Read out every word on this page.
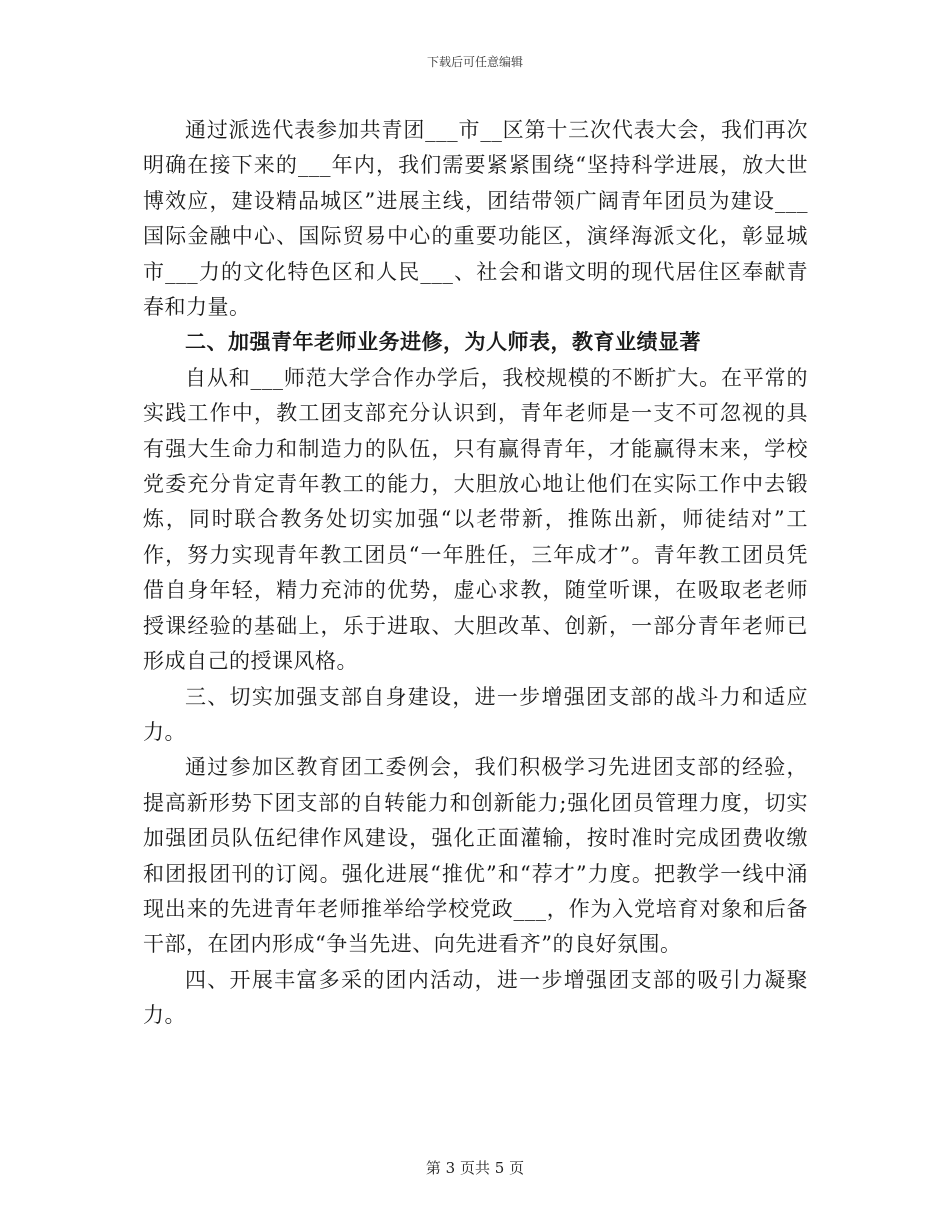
下载后可任意编辑

通过派选代表参加共青团___市__区第十三次代表大会，我们再次明确在接下来的___年内，我们需要紧紧围绕“坚持科学进展，放大世博效应，建设精品城区”进展主线，团结带领广阔青年团员为建设___国际金融中心、国际贸易中心的重要功能区，演绎海派文化，彰显城市___力的文化特色区和人民___、社会和谐文明的现代居住区奉献青春和力量。

二、加强青年老师业务进修，为人师表，教育业绩显著

自从和___师范大学合作办学后，我校规模的不断扩大。在平常的实践工作中，教工团支部充分认识到，青年老师是一支不可忽视的具有强大生命力和制造力的队伍，只有赢得青年，才能赢得末来，学校党委充分肯定青年教工的能力，大胆放心地让他们在实际工作中去锻炼，同时联合教务处切实加强“以老带新，推陈出新，师徒结对”工作，努力实现青年教工团员“一年胜任，三年成才”。青年教工团员凭借自身年轻，精力充沛的优势，虚心求教，随堂听课，在吸取老老师授课经验的基础上，乐于进取、大胆改革、创新，一部分青年老师已形成自己的授课风格。

三、切实加强支部自身建设，进一步增强团支部的战斗力和适应力。

通过参加区教育团工委例会，我们积极学习先进团支部的经验，提高新形势下团支部的自转能力和创新能力;强化团员管理力度，切实加强团员队伍纪律作风建设，强化正面灌输，按时准时完成团费收缴和团报团刊的订阅。强化进展“推优”和“荐才”力度。把教学一线中涌现出来的先进青年老师推举给学校党政___，作为入党培育对象和后备干部，在团内形成“争当先进、向先进看齐”的良好氛围。

四、开展丰富多采的团内活动，进一步增强团支部的吸引力凝聚力。

第 3 页共 5 页
